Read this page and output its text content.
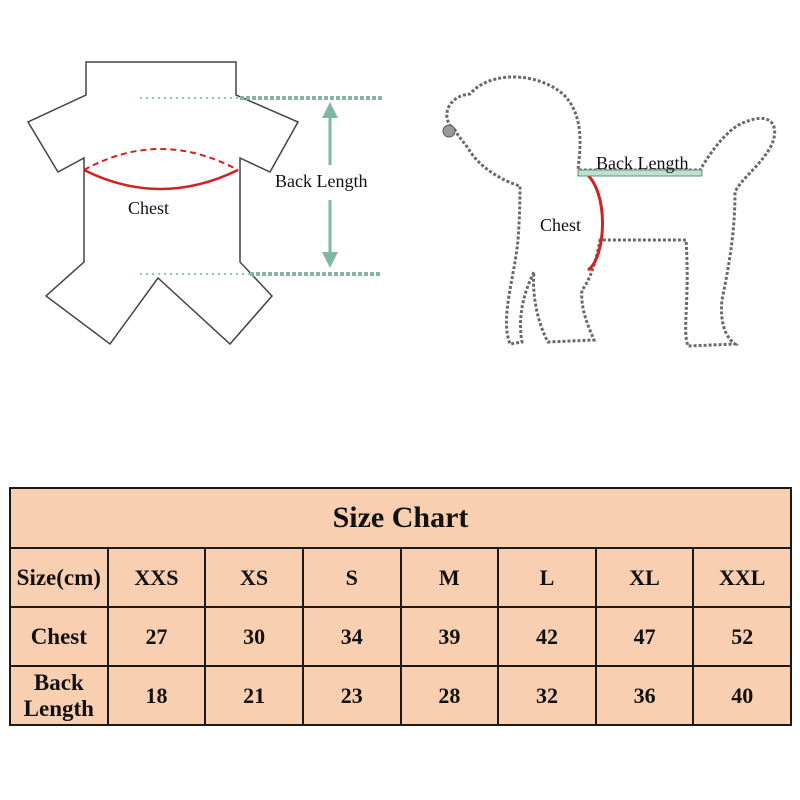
Chest
Back Length
Chest
Back Length
Size Chart							
Size(cm)	XXS	XS	S	M	L	XL	XXL
Chest	27	30	34	39	42	47	52
Back Length	18	21	23	28	32	36	40
